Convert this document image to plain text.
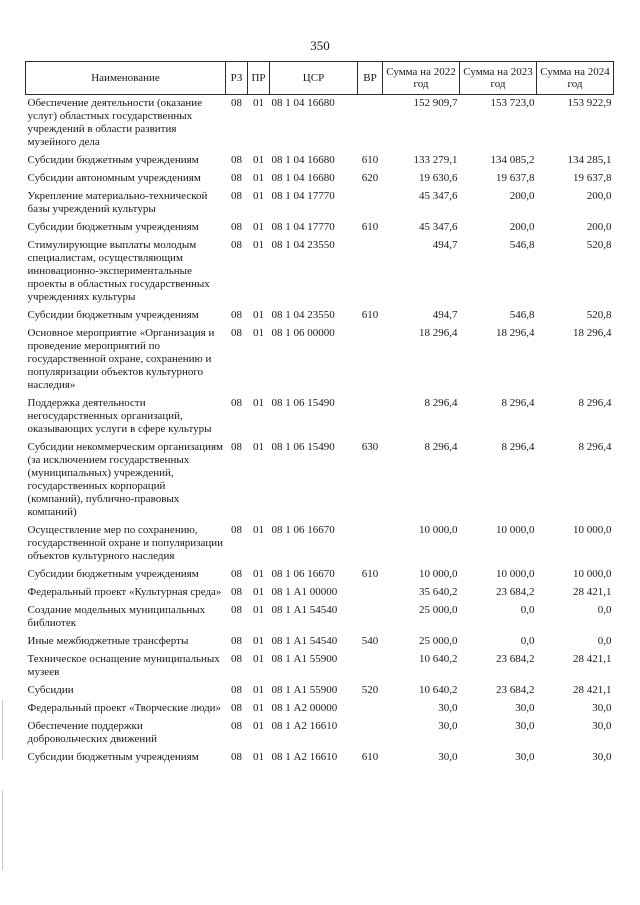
350
Наименование	РЗ	ПР	ЦСР	ВР	Сумма на 2022 год	Сумма на 2023 год	Сумма на 2024 год
Обеспечение деятельности (оказание услуг) областных государственных учреждений в области развития музейного дела	08	01	08 1 04 16680		152 909,7	153 723,0	153 922,9
Субсидии бюджетным учреждениям	08	01	08 1 04 16680	610	133 279,1	134 085,2	134 285,1
Субсидии автономным учреждениям	08	01	08 1 04 16680	620	19 630,6	19 637,8	19 637,8
Укрепление материально-технической базы учреждений культуры	08	01	08 1 04 17770		45 347,6	200,0	200,0
Субсидии бюджетным учреждениям	08	01	08 1 04 17770	610	45 347,6	200,0	200,0
Стимулирующие выплаты молодым специалистам, осуществляющим инновационно-экспериментальные проекты в областных государственных учреждениях культуры	08	01	08 1 04 23550		494,7	546,8	520,8
Субсидии бюджетным учреждениям	08	01	08 1 04 23550	610	494,7	546,8	520,8
Основное мероприятие «Организация и проведение мероприятий по государственной охране, сохранению и популяризации объектов культурного наследия»	08	01	08 1 06 00000		18 296,4	18 296,4	18 296,4
Поддержка деятельности негосударственных организаций, оказывающих услуги в сфере культуры	08	01	08 1 06 15490		8 296,4	8 296,4	8 296,4
Субсидии некоммерческим организациям (за исключением государственных (муниципальных) учреждений, государственных корпораций (компаний), публично-правовых компаний)	08	01	08 1 06 15490	630	8 296,4	8 296,4	8 296,4
Осуществление мер по сохранению, государственной охране и популяризации объектов культурного наследия	08	01	08 1 06 16670		10 000,0	10 000,0	10 000,0
Субсидии бюджетным учреждениям	08	01	08 1 06 16670	610	10 000,0	10 000,0	10 000,0
Федеральный проект «Культурная среда»	08	01	08 1 А1 00000		35 640,2	23 684,2	28 421,1
Создание модельных муниципальных библиотек	08	01	08 1 А1 54540		25 000,0	0,0	0,0
Иные межбюджетные трансферты	08	01	08 1 А1 54540	540	25 000,0	0,0	0,0
Техническое оснащение муниципальных музеев	08	01	08 1 А1 55900		10 640,2	23 684,2	28 421,1
Субсидии	08	01	08 1 А1 55900	520	10 640,2	23 684,2	28 421,1
Федеральный проект «Творческие люди»	08	01	08 1 А2 00000		30,0	30,0	30,0
Обеспечение поддержки добровольческих движений	08	01	08 1 А2 16610		30,0	30,0	30,0
Субсидии бюджетным учреждениям	08	01	08 1 А2 16610	610	30,0	30,0	30,0
